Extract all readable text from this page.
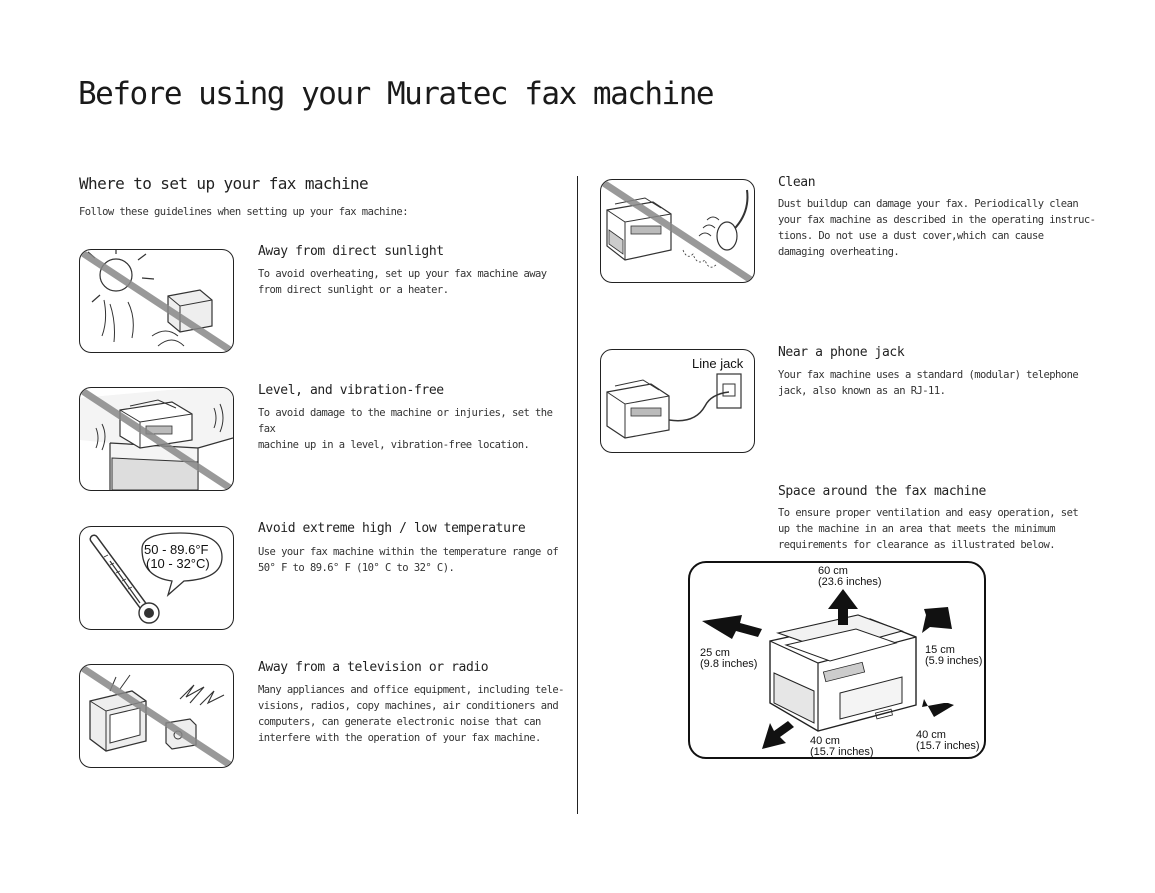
Before using your Muratec fax machine
Where to set up your fax machine
Follow these guidelines when setting up your fax machine:
Away from direct sunlight
To avoid overheating, set up your fax machine away
from direct sunlight or a heater.
Level, and vibration-free
To avoid damage to the machine or injuries, set the fax
machine up in a level, vibration-free location.
50 - 89.6°F
(10 - 32°C)
Avoid extreme high / low temperature
Use your fax machine within the temperature range of
50° F to 89.6° F (10° C to 32° C).
Away from a television or radio
Many appliances and office equipment, including tele-
visions, radios, copy machines, air conditioners and
computers, can generate electronic noise that can
interfere with the operation of your fax machine.
Clean
Dust buildup can damage your fax. Periodically clean
your fax machine as described in the operating instruc-
tions. Do not use a dust cover,which can cause
damaging overheating.
Line jack
Near a phone jack
Your fax machine uses a standard (modular) telephone
jack, also known as an RJ-11.
Space around the fax machine
To ensure proper ventilation and easy operation, set
up the machine in an area that meets the minimum
requirements for clearance as illustrated below.
60 cm
(23.6 inches)
25 cm
(9.8 inches)
15 cm
(5.9 inches)
40 cm
(15.7 inches)
40 cm
(15.7 inches)
